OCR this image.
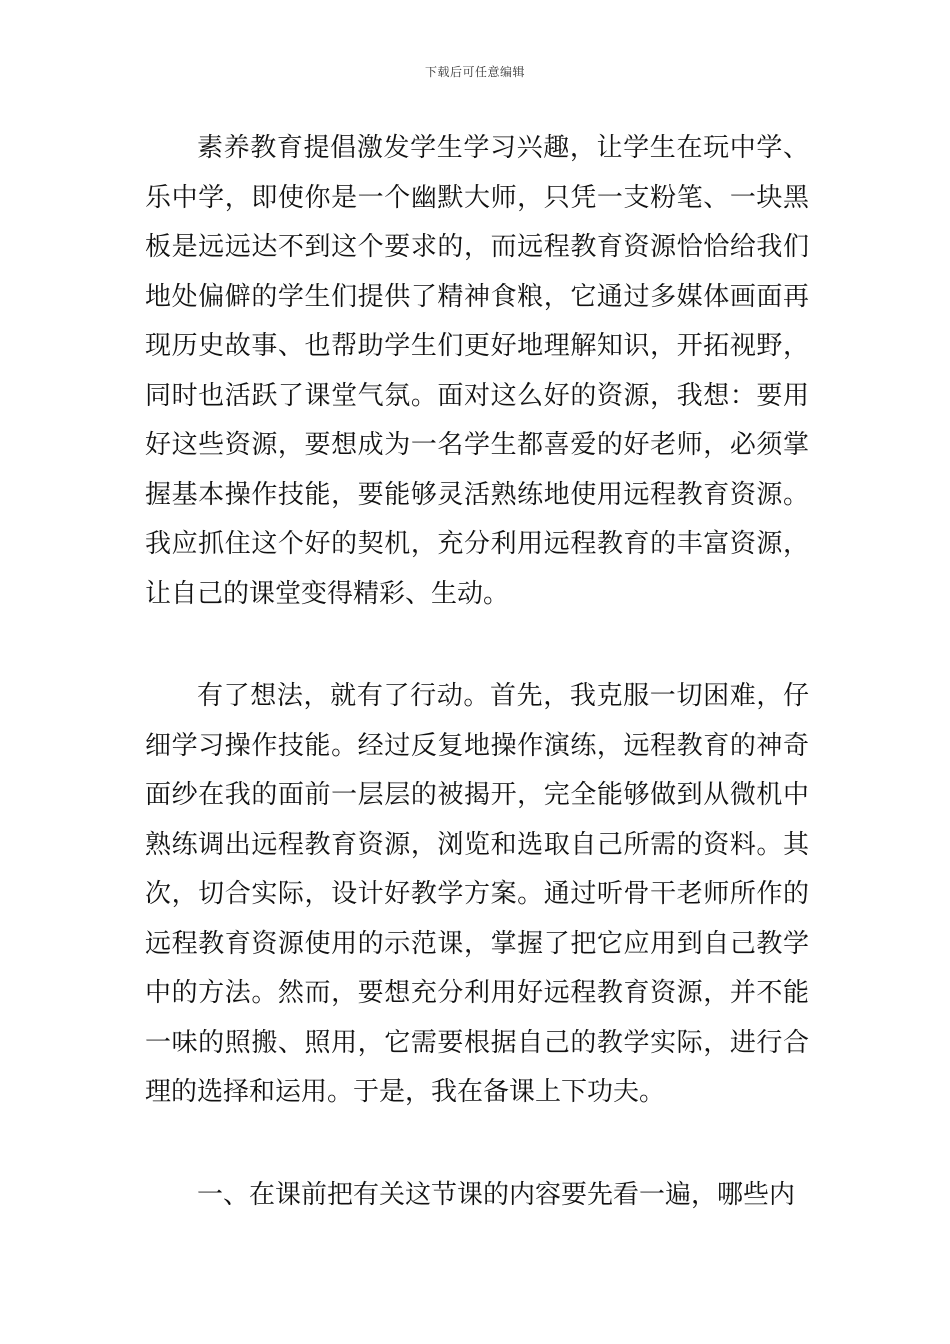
下载后可任意编辑

素养教育提倡激发学生学习兴趣，让学生在玩中学、乐中学，即使你是一个幽默大师，只凭一支粉笔、一块黑板是远远达不到这个要求的，而远程教育资源恰恰给我们地处偏僻的学生们提供了精神食粮，它通过多媒体画面再现历史故事、也帮助学生们更好地理解知识，开拓视野，同时也活跃了课堂气氛。面对这么好的资源，我想：要用好这些资源，要想成为一名学生都喜爱的好老师，必须掌握基本操作技能，要能够灵活熟练地使用远程教育资源。我应抓住这个好的契机，充分利用远程教育的丰富资源，让自己的课堂变得精彩、生动。

有了想法，就有了行动。首先，我克服一切困难，仔细学习操作技能。经过反复地操作演练，远程教育的神奇面纱在我的面前一层层的被揭开，完全能够做到从微机中熟练调出远程教育资源，浏览和选取自己所需的资料。其次，切合实际，设计好教学方案。通过听骨干老师所作的远程教育资源使用的示范课，掌握了把它应用到自己教学中的方法。然而，要想充分利用好远程教育资源，并不能一味的照搬、照用，它需要根据自己的教学实际，进行合理的选择和运用。于是，我在备课上下功夫。

一、在课前把有关这节课的内容要先看一遍，哪些内
